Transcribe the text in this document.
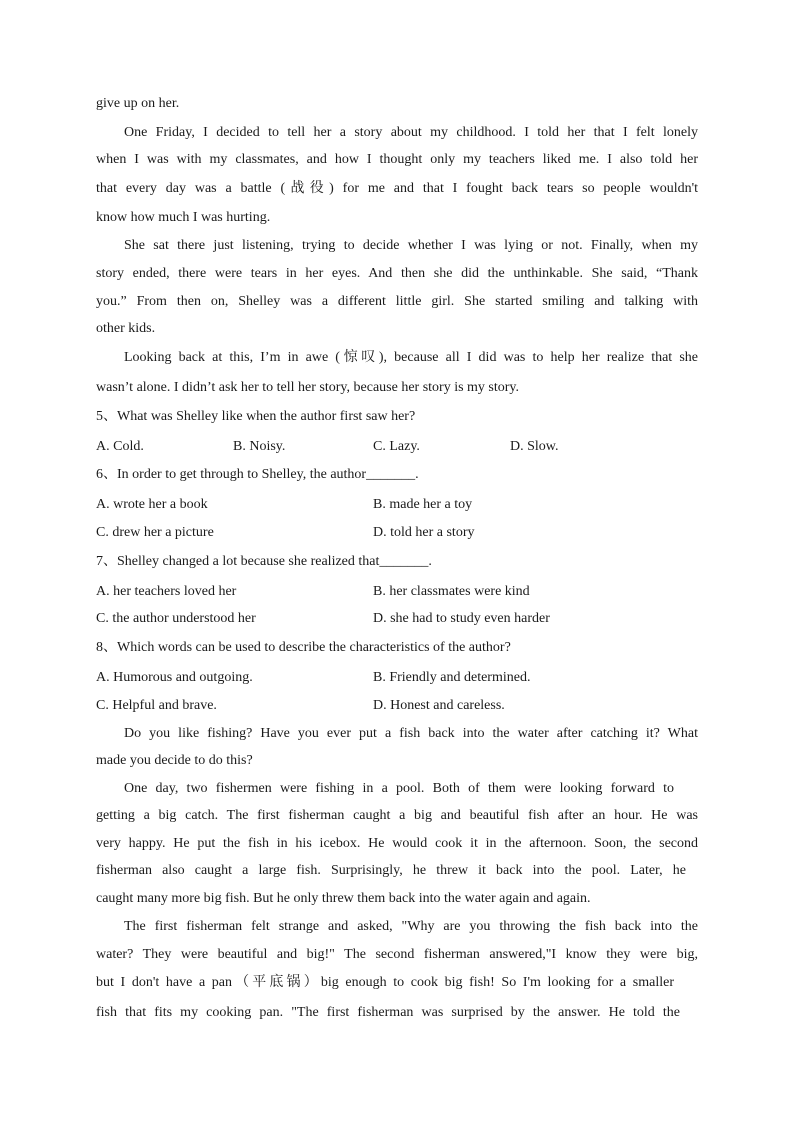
give up on her.
One Friday, I decided to tell her a story about my childhood. I told her that I felt lonely
when I was with my classmates, and how I thought only my teachers liked me. I also told her
that every day was a battle (战役) for me and that I fought back tears so people wouldn't
know how much I was hurting.
She sat there just listening, trying to decide whether I was lying or not. Finally, when my
story ended, there were tears in her eyes. And then she did the unthinkable. She said, “Thank
you.” From then on, Shelley was a different little girl. She started smiling and talking with
other kids.
Looking back at this, I’m in awe (惊叹), because all I did was to help her realize that she
wasn’t alone. I didn’t ask her to tell her story, because her story is my story.
5、What was Shelley like when the author first saw her?
A. Cold.	B. Noisy.	C. Lazy.	D. Slow.
6、In order to get through to Shelley, the author_______.
A. wrote her a book	B. made her a toy
C. drew her a picture	D. told her a story
7、Shelley changed a lot because she realized that_______.
A. her teachers loved her	B. her classmates were kind
C. the author understood her	D. she had to study even harder
8、Which words can be used to describe the characteristics of the author?
A. Humorous and outgoing.	B. Friendly and determined.
C. Helpful and brave.	D. Honest and careless.
Do you like fishing? Have you ever put a fish back into the water after catching it? What
made you decide to do this?
One day, two fishermen were fishing in a pool. Both of them were looking forward to
getting a big catch. The first fisherman caught a big and beautiful fish after an hour. He was
very happy. He put the fish in his icebox. He would cook it in the afternoon. Soon, the second
fisherman also caught a large fish. Surprisingly, he threw it back into the pool. Later, he
caught many more big fish. But he only threw them back into the water again and again.
The first fisherman felt strange and asked, "Why are you throwing the fish back into the
water? They were beautiful and big!" The second fisherman answered,"I know they were big,
but I don't have a pan（平底锅）big enough to cook big fish! So I'm looking for a smaller
fish that fits my cooking pan. "The first fisherman was surprised by the answer. He told the
